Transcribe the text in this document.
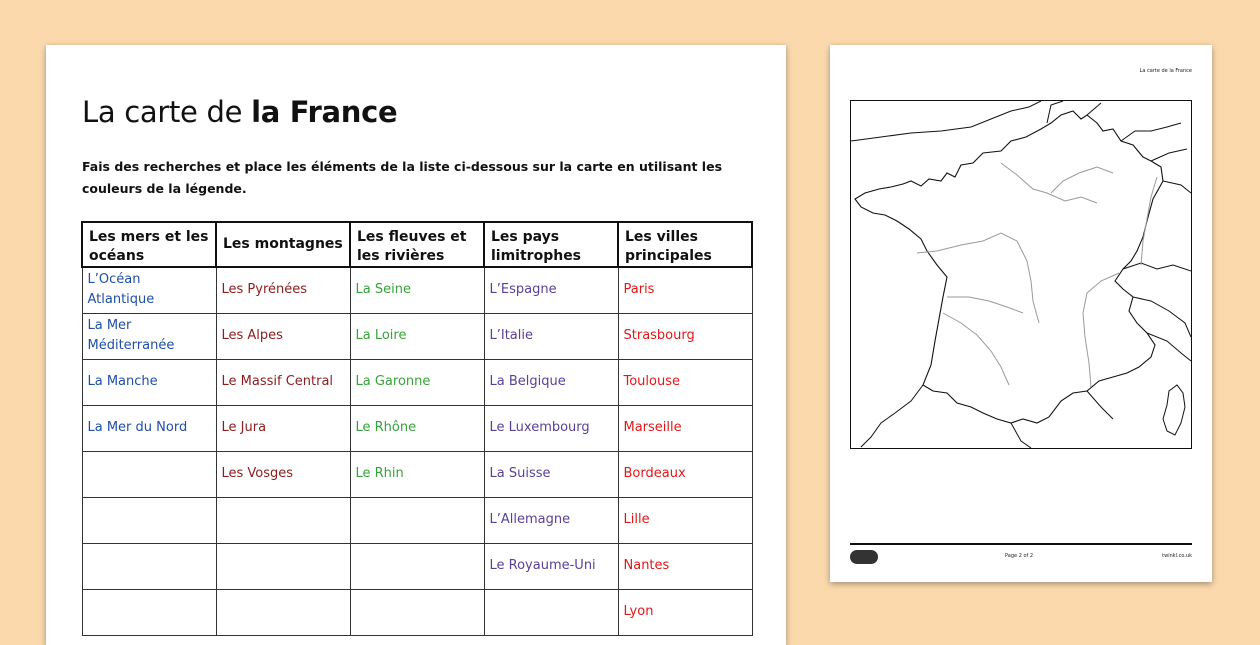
La carte de la France
Fais des recherches et place les éléments de la liste ci-dessous sur la carte en utilisant les couleurs de la légende.
Les mers et les océans	Les montagnes	Les fleuves et les rivières	Les pays limitrophes	Les villes principales
L’Océan Atlantique	Les Pyrénées	La Seine	L’Espagne	Paris
La Mer Méditerranée	Les Alpes	La Loire	L’Italie	Strasbourg
La Manche	Le Massif Central	La Garonne	La Belgique	Toulouse
La Mer du Nord	Le Jura	Le Rhône	Le Luxembourg	Marseille
	Les Vosges	Le Rhin	La Suisse	Bordeaux
			L’Allemagne	Lille
			Le Royaume-Uni	Nantes
				Lyon
La carte de la France
Page 2 of 2	twinkl.co.uk
